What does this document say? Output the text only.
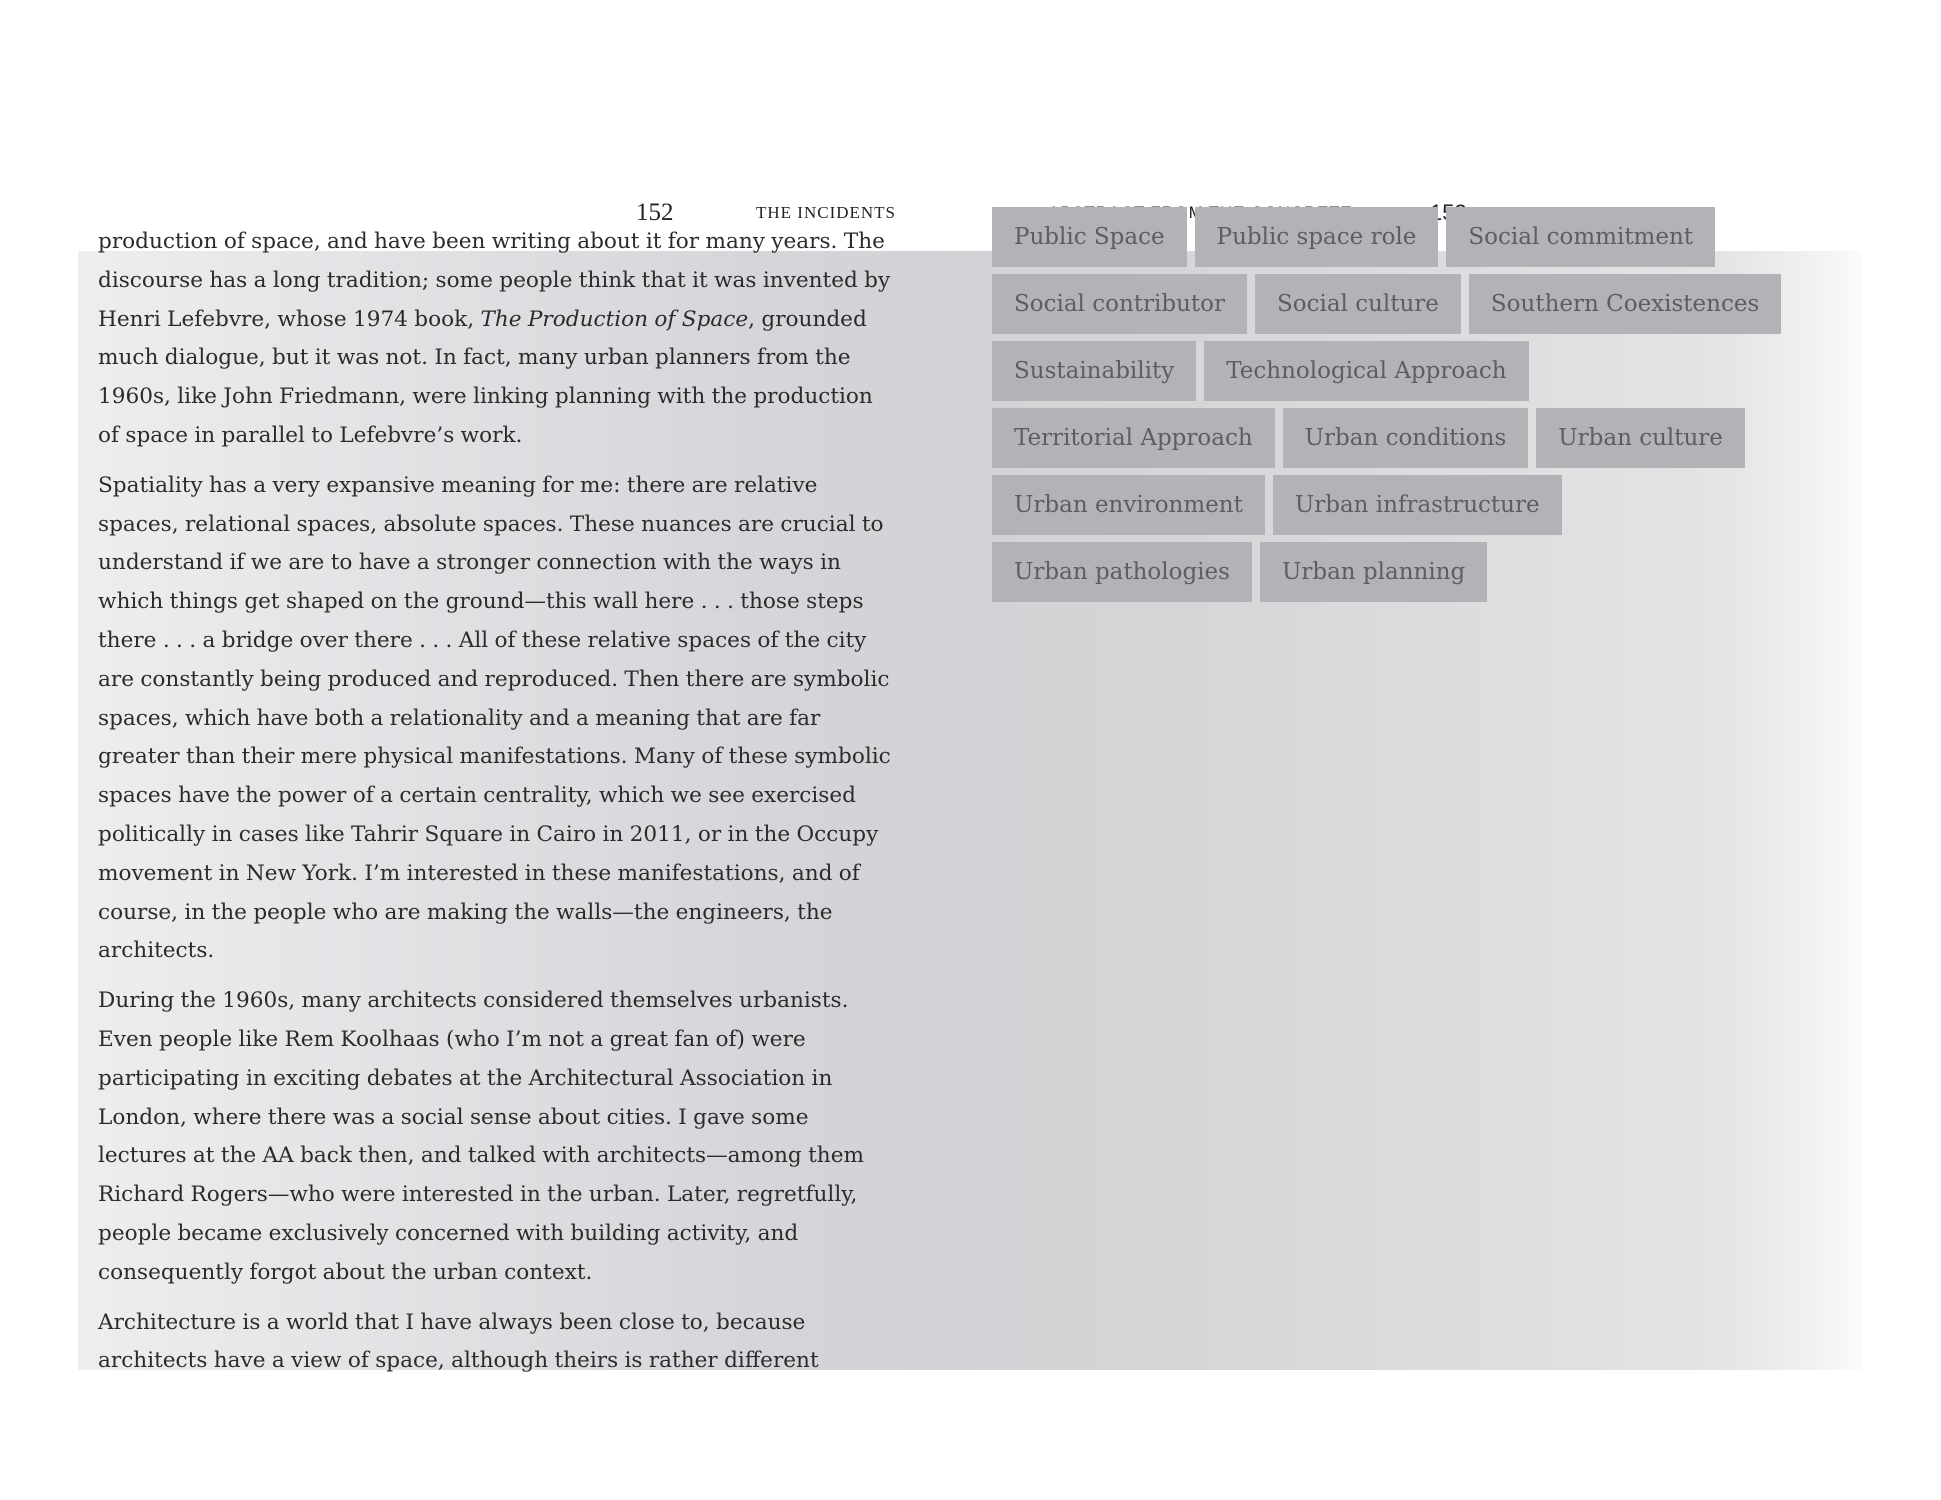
152	THE INCIDENTS

production of space, and have been writing about it for many years. The discourse has a long tradition; some people think that it was invented by Henri Lefebvre, whose 1974 book, The Production of Space, grounded much dialogue, but it was not. In fact, many urban planners from the 1960s, like John Friedmann, were linking planning with the production of space in parallel to Lefebvre’s work.

Spatiality has a very expansive meaning for me: there are relative spaces, relational spaces, absolute spaces. These nuances are crucial to understand if we are to have a stronger connection with the ways in which things get shaped on the ground—this wall here . . . those steps there . . . a bridge over there . . . All of these relative spaces of the city are constantly being produced and reproduced. Then there are symbolic spaces, which have both a relationality and a meaning that are far greater than their mere physical manifestations. Many of these symbolic spaces have the power of a certain centrality, which we see exercised politically in cases like Tahrir Square in Cairo in 2011, or in the Occupy movement in New York. I’m interested in these manifestations, and of course, in the people who are making the walls—the engineers, the architects.

During the 1960s, many architects considered themselves urbanists. Even people like Rem Koolhaas (who I’m not a great fan of) were participating in exciting debates at the Architectural Association in London, where there was a social sense about cities. I gave some lectures at the AA back then, and talked with architects—among them Richard Rogers—who were interested in the urban. Later, regretfully, people became exclusively concerned with building activity, and consequently forgot about the urban context.

Architecture is a world that I have always been close to, because architects have a view of space, although theirs is rather different

Public Space	Public space role	Social commitment
Social contributor	Social culture	Southern Coexistences
Sustainability	Technological Approach
Territorial Approach	Urban conditions	Urban culture
Urban environment	Urban infrastructure
Urban pathologies	Urban planning
